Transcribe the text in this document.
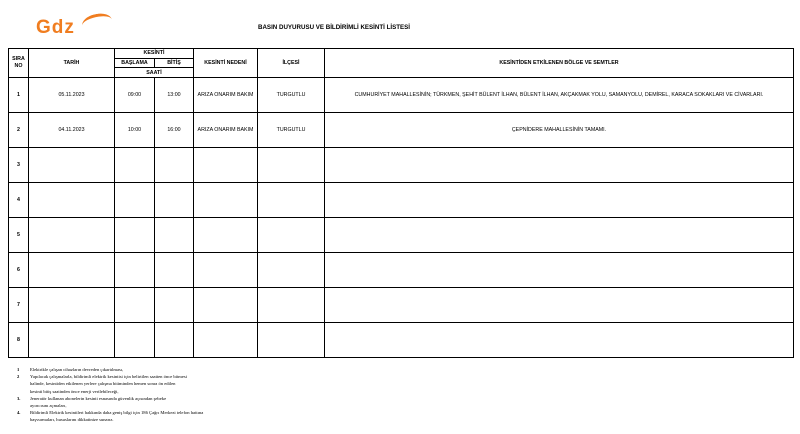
Gdz	BASIN DUYURUSU VE BİLDİRİMLİ KESİNTİ LİSTESİ
SIRA NO	TARİH	KESİNTİ		KESİNTİ NEDENİ	İLÇESİ	KESİNTİDEN ETKİLENEN BÖLGE VE SEMTLER
		BAŞLAMA	BİTİŞ			
		SAATİ				
1	05.11.2023	09:00	13:00	ARIZA ONARIM BAKIM	TURGUTLU	CUMHURİYET MAHALLESİNİN; TÜRKMEN, ŞEHİT BÜLENT İLHAN, BÜLENT İLHAN, AKÇAKMAK YOLU, SAMANYOLU, DEMİREL, KARACA SOKAKLARI VE CİVARLARI.
2	04.11.2023	10:00	16:00	ARIZA ONARIM BAKIM	TURGUTLU	ÇEPNİDERE MAHALLESİNİN TAMAMI.
3						
4						
5						
6						
7						
8						
1 Elektrikle çalışan cihazların devreden çıkartılması,
2 Yapılacak çalışmalarla, bildirimli elektrik kesintisi için belirtilen saatten önce bitmesi
halinde, kesintiden etkilenen yerlere çalışma bitiminden hemen sonra ön edilen
kesinti bitiş saatinden önce enerji verilebileceği,
3. Jeneratör kullanan abonelerin kesinti esnasında güvenlik açısından şebeke
ayırıcısını açmaları,
4. Bildirimli Elektrik kesintileri hakkında daha geniş bilgi için 186 Çağrı Merkezi telefon hattına
başvurmaları, hususlarını dikkatinize sunarız.
